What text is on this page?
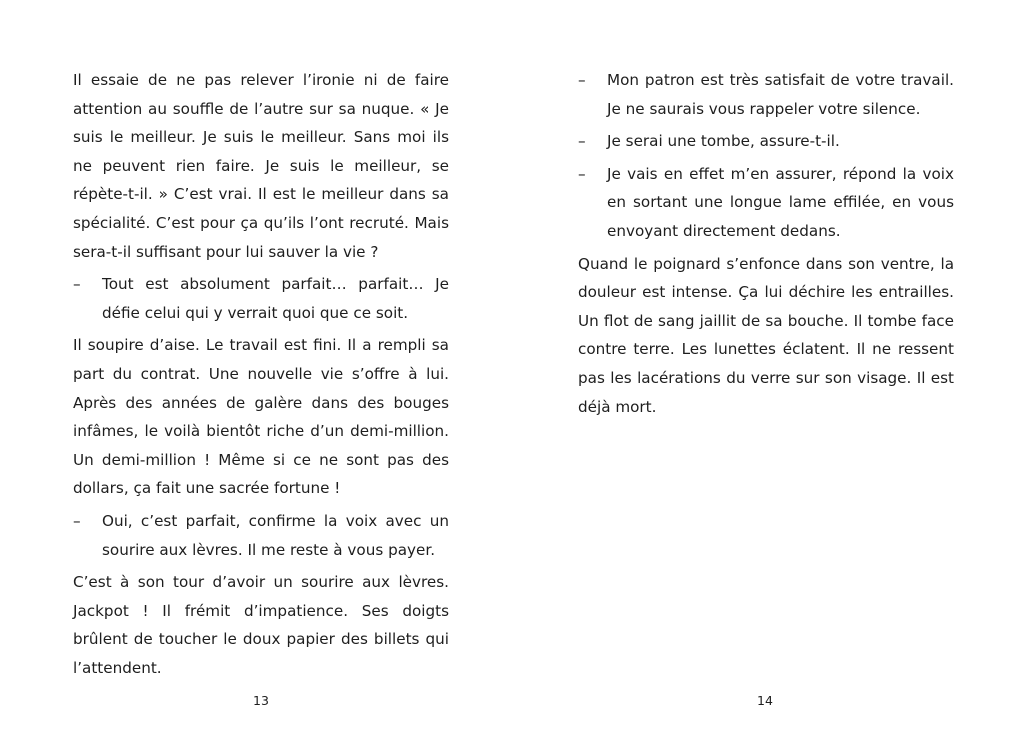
Il essaie de ne pas relever l’ironie ni de faire attention au souffle de l’autre sur sa nuque. « Je suis le meilleur. Je suis le meilleur. Sans moi ils ne peuvent rien faire. Je suis le meilleur, se répète-t-il. » C’est vrai. Il est le meilleur dans sa spécialité. C’est pour ça qu’ils l’ont recruté. Mais sera-t-il suffisant pour lui sauver la vie ?

–	Tout est absolument parfait… parfait… Je défie celui qui y verrait quoi que ce soit.

Il soupire d’aise. Le travail est fini. Il a rempli sa part du contrat. Une nouvelle vie s’offre à lui. Après des années de galère dans des bouges infâmes, le voilà bientôt riche d’un demi-million. Un demi-million ! Même si ce ne sont pas des dollars, ça fait une sacrée fortune !

–	Oui, c’est parfait, confirme la voix avec un sourire aux lèvres. Il me reste à vous payer.

C’est à son tour d’avoir un sourire aux lèvres. Jackpot ! Il frémit d’impatience. Ses doigts brûlent de toucher le doux papier des billets qui l’attendent.

13
–	Mon patron est très satisfait de votre travail. Je ne saurais vous rappeler votre silence.
–	Je serai une tombe, assure-t-il.
–	Je vais en effet m’en assurer, répond la voix en sortant une longue lame effilée, en vous envoyant directement dedans.

Quand le poignard s’enfonce dans son ventre, la douleur est intense. Ça lui déchire les entrailles. Un flot de sang jaillit de sa bouche. Il tombe face contre terre. Les lunettes éclatent. Il ne ressent pas les lacérations du verre sur son visage. Il est déjà mort.

14
